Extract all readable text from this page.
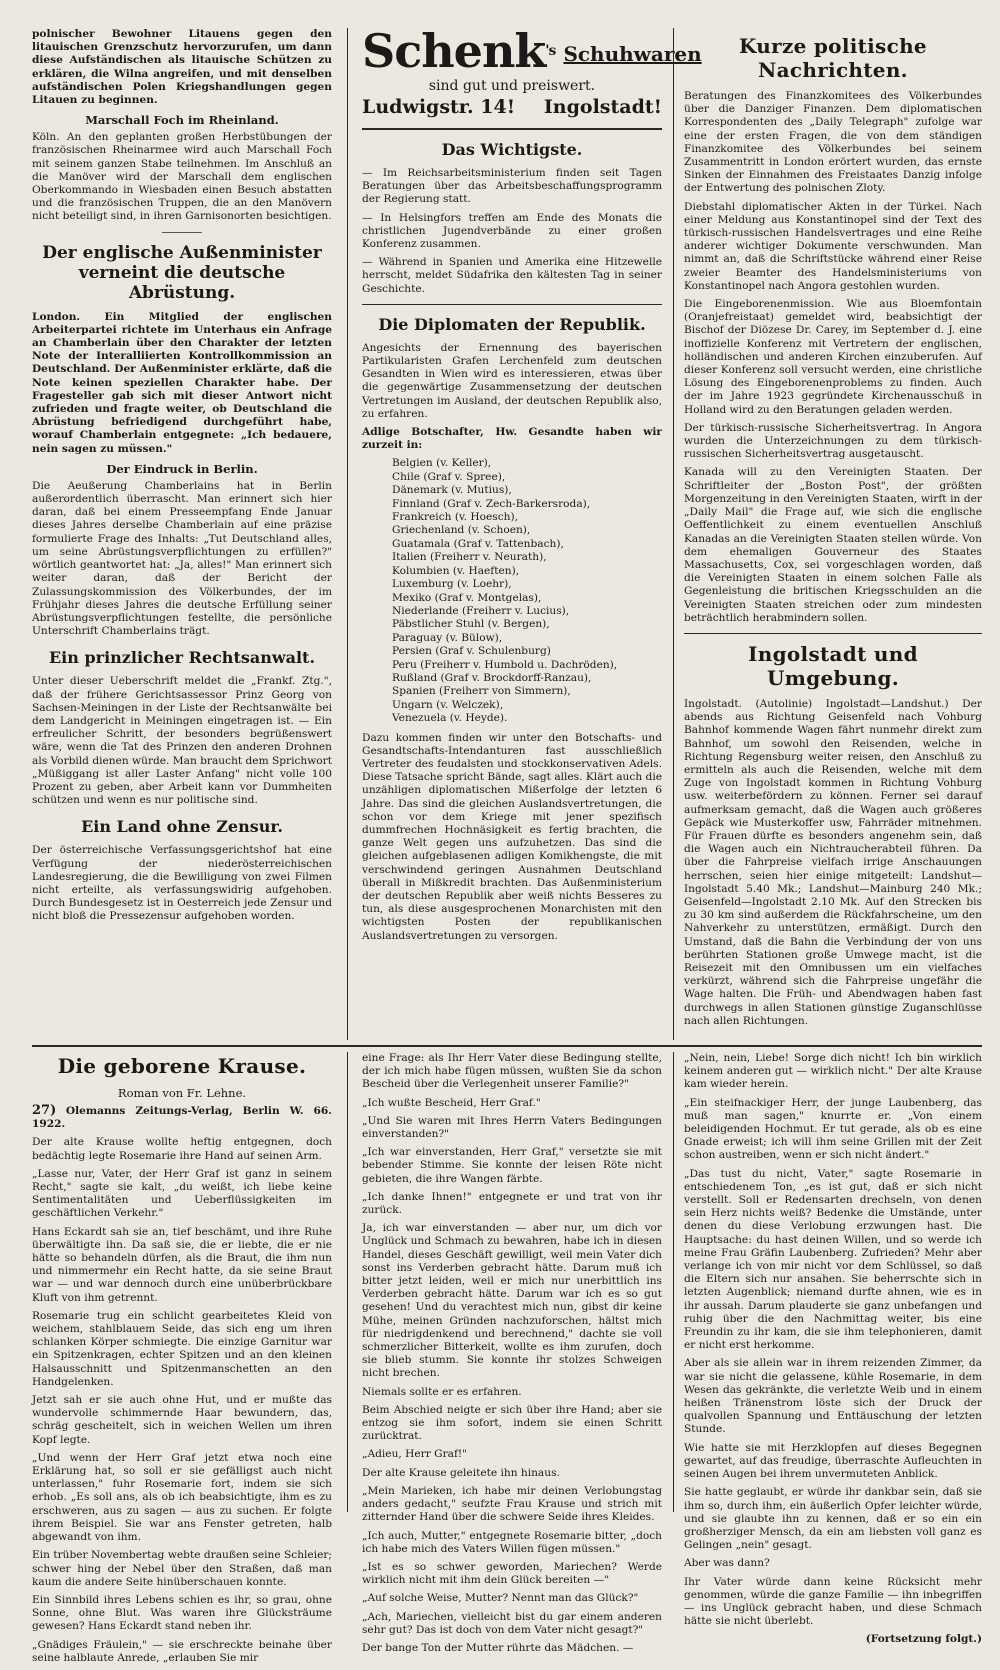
polnischer Bewohner Litauens gegen den litauischen Grenzschutz hervorzurufen, um dann diese Aufständischen als litauische Schützen zu erklären, die Wilna angreifen, und mit denselben aufständischen Polen Kriegshandlungen gegen Litauen zu beginnen.

Marschall Foch im Rheinland.

Köln. An den geplanten großen Herbstübungen der französischen Rheinarmee wird auch Marschall Foch mit seinem ganzen Stabe teilnehmen. Im Anschluß an die Manöver wird der Marschall dem englischen Oberkommando in Wiesbaden einen Besuch abstatten und die französischen Truppen, die an den Manövern nicht beteiligt sind, in ihren Garnisonorten besichtigen.

Der englische Außenminister verneint die deutsche Abrüstung.

London. Ein Mitglied der englischen Arbeiterpartei richtete im Unterhaus ein Anfrage an Chamberlain über den Charakter der letzten Note der Interalliierten Kontrollkommission an Deutschland. Der Außenminister erklärte, daß die Note keinen speziellen Charakter habe. Der Fragesteller gab sich mit dieser Antwort nicht zufrieden und fragte weiter, ob Deutschland die Abrüstung befriedigend durchgeführt habe, worauf Chamberlain entgegnete: „Ich bedauere, nein sagen zu müssen."

Der Eindruck in Berlin.

Die Aeußerung Chamberlains hat in Berlin außerordentlich überrascht. Man erinnert sich hier daran, daß bei einem Presseempfang Ende Januar dieses Jahres derselbe Chamberlain auf eine präzise formulierte Frage des Inhalts: „Tut Deutschland alles, um seine Abrüstungsverpflichtungen zu erfüllen?" wörtlich geantwortet hat: „Ja, alles!" Man erinnert sich weiter daran, daß der Bericht der Zulassungskommission des Völkerbundes, der im Frühjahr dieses Jahres die deutsche Erfüllung seiner Abrüstungsverpflichtungen festellte, die persönliche Unterschrift Chamberlains trägt.

Ein prinzlicher Rechtsanwalt.

Unter dieser Ueberschrift meldet die „Frankf. Ztg.", daß der frühere Gerichtsassessor Prinz Georg von Sachsen-Meiningen in der Liste der Rechtsanwälte bei dem Landgericht in Meiningen eingetragen ist. — Ein erfreulicher Schritt, der besonders begrüßenswert wäre, wenn die Tat des Prinzen den anderen Drohnen als Vorbild dienen würde. Man braucht dem Sprichwort „Müßiggang ist aller Laster Anfang" nicht volle 100 Prozent zu geben, aber Arbeit kann vor Dummheiten schützen und wenn es nur politische sind.

Ein Land ohne Zensur.

Der österreichische Verfassungsgerichtshof hat eine Verfügung der niederösterreichischen Landesregierung, die die Bewilligung von zwei Filmen nicht erteilte, als verfassungswidrig aufgehoben. Durch Bundesgesetz ist in Oesterreich jede Zensur und nicht bloß die Pressezensur aufgehoben worden.

Schenk$^{'s}$ Schuhwaren
sind gut und preiswert.
Ludwigstr. 14! Ingolstadt!
Das Wichtigste.

— Im Reichsarbeitsministerium finden seit Tagen Beratungen über das Arbeitsbeschaffungsprogramm der Regierung statt.

— In Helsingfors treffen am Ende des Monats die christlichen Jugendverbände zu einer großen Konferenz zusammen.

— Während in Spanien und Amerika eine Hitzewelle herrscht, meldet Südafrika den kältesten Tag in seiner Geschichte.

Die Diplomaten der Republik.

Angesichts der Ernennung des bayerischen Partikularisten Grafen Lerchenfeld zum deutschen Gesandten in Wien wird es interessieren, etwas über die gegenwärtige Zusammensetzung der deutschen Vertretungen im Ausland, der deutschen Republik also, zu erfahren.

Adlige Botschafter, Hw. Gesandte haben wir zurzeit in:

Belgien (v. Keller),
Chile (Graf v. Spree),
Dänemark (v. Mutius),
Finnland (Graf v. Zech-Barkersroda),
Frankreich (v. Hoesch),
Griechenland (v. Schoen),
Guatamala (Graf v. Tattenbach),
Italien (Freiherr v. Neurath),
Kolumbien (v. Haeften),
Luxemburg (v. Loehr),
Mexiko (Graf v. Montgelas),
Niederlande (Freiherr v. Lucius),
Päbstlicher Stuhl (v. Bergen),
Paraguay (v. Bülow),
Persien (Graf v. Schulenburg)
Peru (Freiherr v. Humbold u. Dachröden),
Rußland (Graf v. Brockdorff-Ranzau),
Spanien (Freiherr von Simmern),
Ungarn (v. Welczek),
Venezuela (v. Heyde).

Dazu kommen finden wir unter den Botschafts- und Gesandtschafts-Intendanturen fast ausschließlich Vertreter des feudalsten und stockkonservativen Adels. Diese Tatsache spricht Bände, sagt alles. Klärt auch die unzähligen diplomatischen Mißerfolge der letzten 6 Jahre. Das sind die gleichen Auslandsvertretungen, die schon vor dem Kriege mit jener spezifisch dummfrechen Hochnäsigkeit es fertig brachten, die ganze Welt gegen uns aufzuhetzen. Das sind die gleichen aufgeblasenen adligen Komikhengste, die mit verschwindend geringen Ausnahmen Deutschland überall in Mißkredit brachten. Das Außenministerium der deutschen Republik aber weiß nichts Besseres zu tun, als diese ausgesprochenen Monarchisten mit den wichtigsten Posten der republikanischen Auslandsvertretungen zu versorgen.

Kurze politische Nachrichten.

Beratungen des Finanzkomitees des Völkerbundes über die Danziger Finanzen. Dem diplomatischen Korrespondenten des „Daily Telegraph" zufolge war eine der ersten Fragen, die von dem ständigen Finanzkomitee des Völkerbundes bei seinem Zusammentritt in London erörtert wurden, das ernste Sinken der Einnahmen des Freistaates Danzig infolge der Entwertung des polnischen Zloty.

Diebstahl diplomatischer Akten in der Türkei. Nach einer Meldung aus Konstantinopel sind der Text des türkisch-russischen Handelsvertrages und eine Reihe anderer wichtiger Dokumente verschwunden. Man nimmt an, daß die Schriftstücke während einer Reise zweier Beamter des Handelsministeriums von Konstantinopel nach Angora gestohlen wurden.

Die Eingeborenenmission. Wie aus Bloemfontain (Oranjefreistaat) gemeldet wird, beabsichtigt der Bischof der Diözese Dr. Carey, im September d. J. eine inoffizielle Konferenz mit Vertretern der englischen, holländischen und anderen Kirchen einzuberufen. Auf dieser Konferenz soll versucht werden, eine christliche Lösung des Eingeborenenproblems zu finden. Auch der im Jahre 1923 gegründete Kirchenausschuß in Holland wird zu den Beratungen geladen werden.

Der türkisch-russische Sicherheitsvertrag. In Angora wurden die Unterzeichnungen zu dem türkisch-russischen Sicherheitsvertrag ausgetauscht.

Kanada will zu den Vereinigten Staaten. Der Schriftleiter der „Boston Post", der größten Morgenzeitung in den Vereinigten Staaten, wirft in der „Daily Mail" die Frage auf, wie sich die englische Oeffentlichkeit zu einem eventuellen Anschluß Kanadas an die Vereinigten Staaten stellen würde. Von dem ehemaligen Gouverneur des Staates Massachusetts, Cox, sei vorgeschlagen worden, daß die Vereinigten Staaten in einem solchen Falle als Gegenleistung die britischen Kriegsschulden an die Vereinigten Staaten streichen oder zum mindesten beträchtlich herabmindern sollen.

Ingolstadt und Umgebung.

Ingolstadt. (Autolinie) Ingolstadt—Landshut.) Der abends aus Richtung Geisenfeld nach Vohburg Bahnhof kommende Wagen fährt nunmehr direkt zum Bahnhof, um sowohl den Reisenden, welche in Richtung Regensburg weiter reisen, den Anschluß zu ermitteln als auch die Reisenden, welche mit dem Zuge von Ingolstadt kommen in Richtung Vohburg usw. weiterbefördern zu können. Ferner sei darauf aufmerksam gemacht, daß die Wagen auch größeres Gepäck wie Musterkoffer usw, Fahrräder mitnehmen. Für Frauen dürfte es besonders angenehm sein, daß die Wagen auch ein Nichtraucherabteil führen. Da über die Fahrpreise vielfach irrige Anschauungen herrschen, seien hier einige mitgeteilt: Landshut—Ingolstadt 5.40 Mk.; Landshut—Mainburg 240 Mk.; Geisenfeld—Ingolstadt 2.10 Mk. Auf den Strecken bis zu 30 km sind außerdem die Rückfahrscheine, um den Nahverkehr zu unterstützen, ermäßigt. Durch den Umstand, daß die Bahn die Verbindung der von uns berührten Stationen große Umwege macht, ist die Reisezeit mit den Omnibussen um ein vielfaches verkürzt, während sich die Fahrpreise ungefähr die Wage halten. Die Früh- und Abendwagen haben fast durchwegs in allen Stationen günstige Zuganschlüsse nach allen Richtungen.

Die geborene Krause.
Roman von Fr. Lehne.

27) Olemanns Zeitungs-Verlag, Berlin W. 66. 1922.

Der alte Krause wollte heftig entgegnen, doch bedächtig legte Rosemarie ihre Hand auf seinen Arm.

„Lasse nur, Vater, der Herr Graf ist ganz in seinem Recht," sagte sie kalt, „du weißt, ich liebe keine Sentimentalitäten und Ueberflüssigkeiten im geschäftlichen Verkehr."

Hans Eckardt sah sie an, tief beschämt, und ihre Ruhe überwältigte ihn. Da saß sie, die er liebte, die er nie hätte so behandeln dürfen, als die Braut, die ihm nun und nimmermehr ein Recht hatte, da sie seine Braut war — und war dennoch durch eine unüberbrückbare Kluft von ihm getrennt.

Rosemarie trug ein schlicht gearbeitetes Kleid von weichem, stahlblauem Seide, das sich eng um ihren schlanken Körper schmiegte. Die einzige Garnitur war ein Spitzenkragen, echter Spitzen und an den kleinen Halsausschnitt und Spitzenmanschetten an den Handgelenken.

Jetzt sah er sie auch ohne Hut, und er mußte das wundervolle schimmernde Haar bewundern, das, schräg gescheitelt, sich in weichen Wellen um ihren Kopf legte.

„Und wenn der Herr Graf jetzt etwa noch eine Erklärung hat, so soll er sie gefälligst auch nicht unterlassen," fuhr Rosemarie fort, indem sie sich erhob. „Es soll ans, als ob ich beabsichtigte, ihm es zu erschweren, aus zu sagen — aus zu suchen. Er folgte ihrem Beispiel. Sie war ans Fenster getreten, halb abgewandt von ihm.

Ein trüber Novembertag webte draußen seine Schleier; schwer hing der Nebel über den Straßen, daß man kaum die andere Seite hinüberschauen konnte.

Ein Sinnbild ihres Lebens schien es ihr, so grau, ohne Sonne, ohne Blut. Was waren ihre Glücksträume gewesen? Hans Eckardt stand neben ihr.

„Gnädiges Fräulein," — sie erschreckte beinahe über seine halblaute Anrede, „erlauben Sie mir

eine Frage: als Ihr Herr Vater diese Bedingung stellte, der ich mich habe fügen müssen, wußten Sie da schon Bescheid über die Verlegenheit unserer Familie?"

„Ich wußte Bescheid, Herr Graf."

„Und Sie waren mit Ihres Herrn Vaters Bedingungen einverstanden?"

„Ich war einverstanden, Herr Graf," versetzte sie mit bebender Stimme. Sie konnte der leisen Röte nicht gebieten, die ihre Wangen färbte.

„Ich danke Ihnen!" entgegnete er und trat von ihr zurück.

Ja, ich war einverstanden — aber nur, um dich vor Unglück und Schmach zu bewahren, habe ich in diesen Handel, dieses Geschäft gewilligt, weil mein Vater dich sonst ins Verderben gebracht hätte. Darum muß ich bitter jetzt leiden, weil er mich nur unerbittlich ins Verderben gebracht hätte. Darum war ich es so gut gesehen! Und du verachtest mich nun, gibst dir keine Mühe, meinen Gründen nachzuforschen, hältst mich für niedrigdenkend und berechnend," dachte sie voll schmerzlicher Bitterkeit, wollte es ihm zurufen, doch sie blieb stumm. Sie konnte ihr stolzes Schweigen nicht brechen.

Niemals sollte er es erfahren.

Beim Abschied neigte er sich über ihre Hand; aber sie entzog sie ihm sofort, indem sie einen Schritt zurücktrat.

„Adieu, Herr Graf!"

Der alte Krause geleitete ihn hinaus.

„Mein Marieken, ich habe mir deinen Verlobungstag anders gedacht," seufzte Frau Krause und strich mit zitternder Hand über die schwere Seide ihres Kleides.

„Ich auch, Mutter," entgegnete Rosemarie bitter, „doch ich habe mich des Vaters Willen fügen müssen."

„Ist es so schwer geworden, Mariechen? Werde wirklich nicht mit ihm dein Glück bereiten —"

„Auf solche Weise, Mutter? Nennt man das Glück?"

„Ach, Mariechen, vielleicht bist du gar einem anderen sehr gut? Das ist doch von dem Vater nicht gesagt?"

Der bange Ton der Mutter rührte das Mädchen. —

„Nein, nein, Liebe! Sorge dich nicht! Ich bin wirklich keinem anderen gut — wirklich nicht." Der alte Krause kam wieder herein.

„Ein steifnackiger Herr, der junge Laubenberg, das muß man sagen," knurrte er. „Von einem beleidigenden Hochmut. Er tut gerade, als ob es eine Gnade erweist; ich will ihm seine Grillen mit der Zeit schon austreiben, wenn er sich nicht ändert."

„Das tust du nicht, Vater," sagte Rosemarie in entschiedenem Ton, „es ist gut, daß er sich nicht verstellt. Soll er Redensarten drechseln, von denen sein Herz nichts weiß? Bedenke die Umstände, unter denen du diese Verlobung erzwungen hast. Die Hauptsache: du hast deinen Willen, und so werde ich meine Frau Gräfin Laubenberg. Zufrieden? Mehr aber verlange ich von mir nicht vor dem Schlüssel, so daß die Eltern sich nur ansahen. Sie beherrschte sich in letzten Augenblick; niemand durfte ahnen, wie es in ihr aussah. Darum plauderte sie ganz unbefangen und ruhig über die den Nachmittag weiter, bis eine Freundin zu ihr kam, die sie ihm telephonieren, damit er nicht erst herkomme.

Aber als sie allein war in ihrem reizenden Zimmer, da war sie nicht die gelassene, kühle Rosemarie, in dem Wesen das gekränkte, die verletzte Weib und in einem heißen Tränenstrom löste sich der Druck der qualvollen Spannung und Enttäuschung der letzten Stunde.

Wie hatte sie mit Herzklopfen auf dieses Begegnen gewartet, auf das freudige, überraschte Aufleuchten in seinen Augen bei ihrem unvermuteten Anblick.

Sie hatte geglaubt, er würde ihr dankbar sein, daß sie ihm so, durch ihm, ein äußerlich Opfer leichter würde, und sie glaubte ihn zu kennen, daß er so ein ein großherziger Mensch, da ein am liebsten voll ganz es Gelingen „nein" gesagt.

Aber was dann?

Ihr Vater würde dann keine Rücksicht mehr genommen, würde die ganze Familie — ihn inbegriffen — ins Unglück gebracht haben, und diese Schmach hätte sie nicht überlebt.

(Fortsetzung folgt.)
